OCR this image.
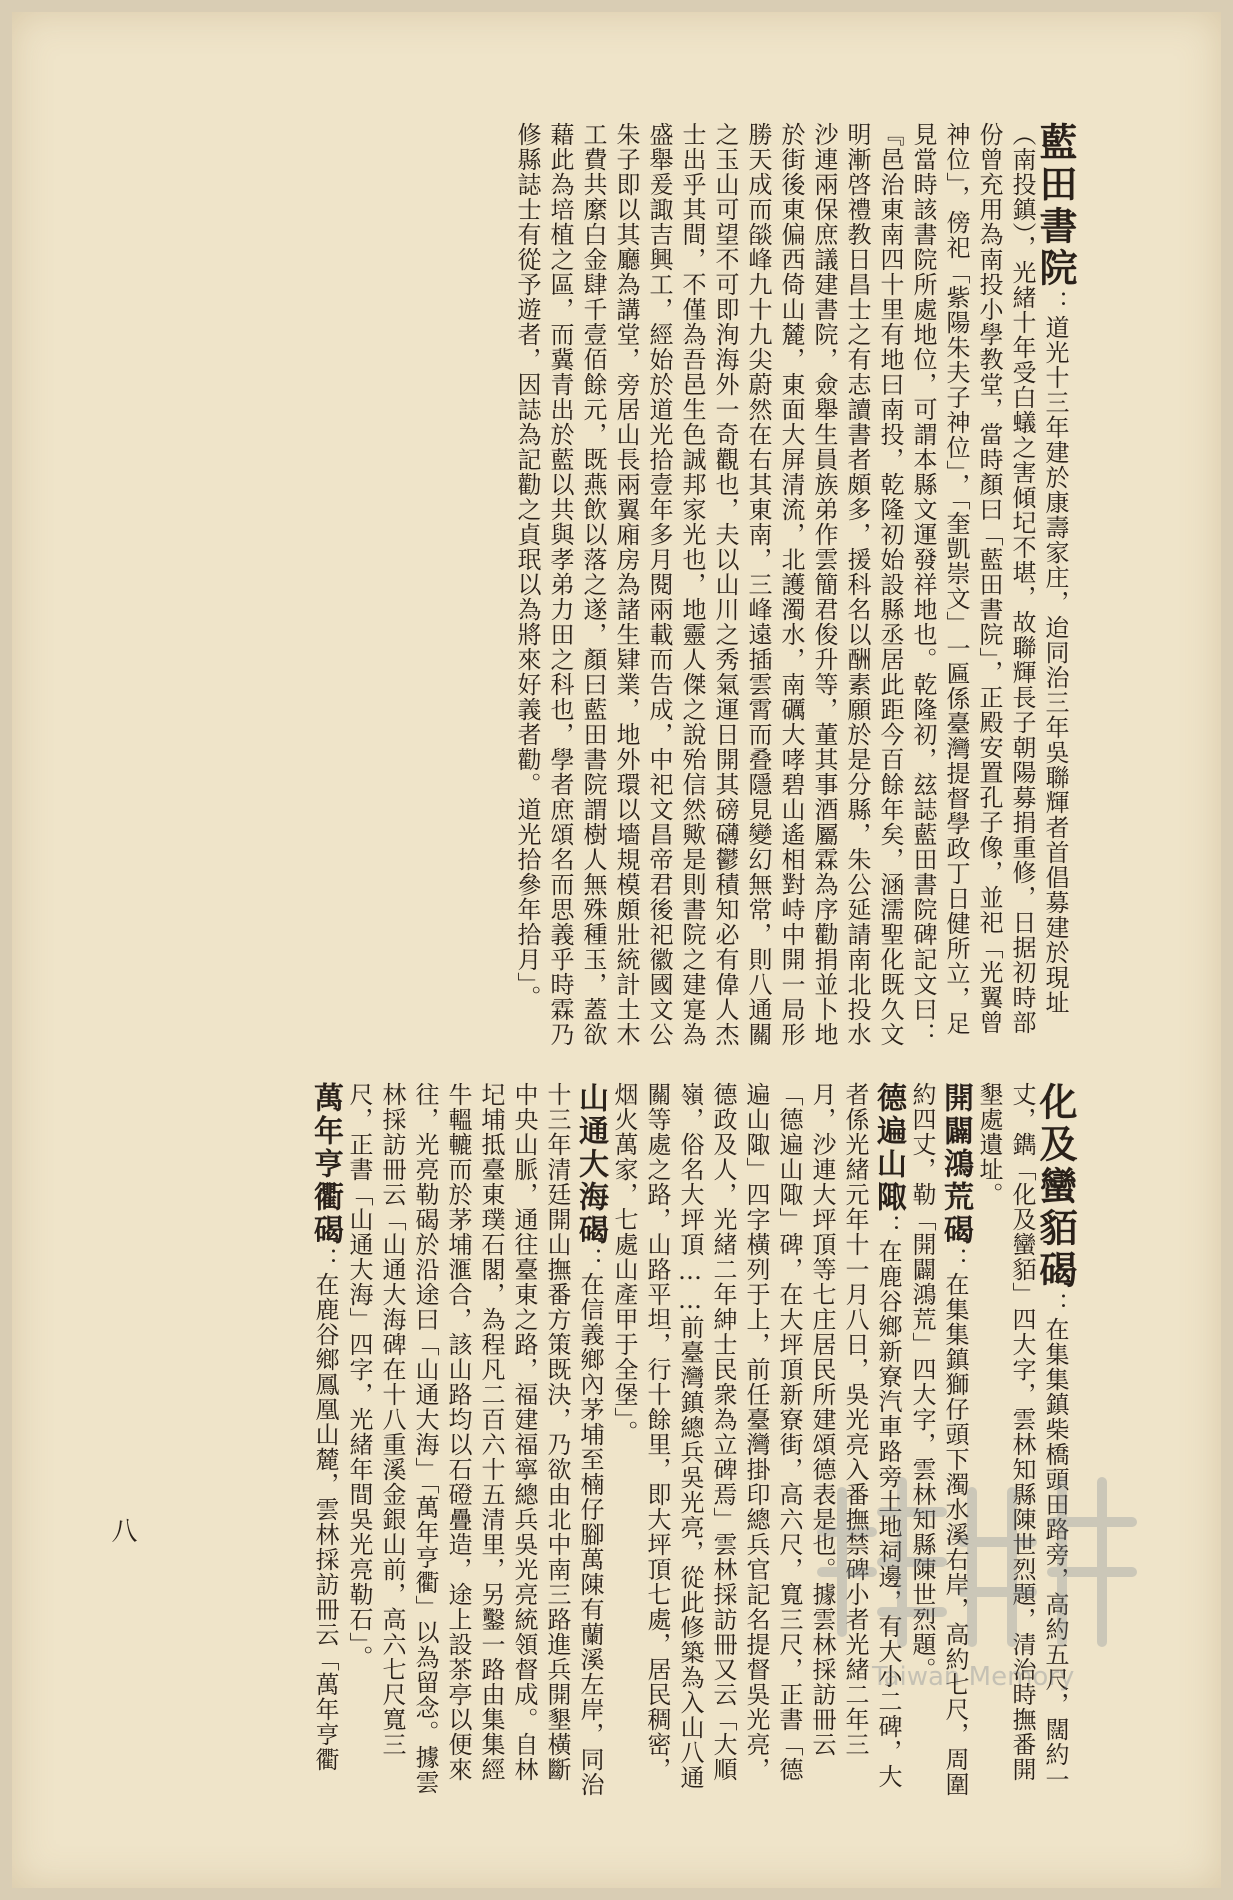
藍田書院：道光十三年建於康壽家庄，迨同治三年吳聯輝者首倡募建於現址（南投鎮），光緒十年受白蟻之害傾圮不堪，故聯輝長子朝陽募捐重修，日据初時部份曾充用為南投小學教堂，當時顏曰「藍田書院」，正殿安置孔子像，並祀「光翼曾神位」，傍祀「紫陽朱夫子神位」，「奎凱崇文」一匾係臺灣提督學政丁日健所立，足見當時該書院所處地位，可謂本縣文運發祥地也。乾隆初，玆誌藍田書院碑記文曰：『邑治東南四十里有地曰南投，乾隆初始設縣丞居此距今百餘年矣，涵濡聖化既久文明漸啓禮教日昌士之有志讀書者頗多，援科名以酬素願於是分縣，朱公延請南北投水沙連兩保庶議建書院，僉舉生員族弟作雲簡君俊升等，董其事酒屬霖為序勸捐並卜地於街後東偏西倚山麓，東面大屏清流，北護濁水，南礪大哮碧山遙相對峙中開一局形勝天成而燄峰九十九尖蔚然在右其東南，三峰遠插雲霄而叠隱見變幻無常，則八通關之玉山可望不可即洵海外一奇觀也，夫以山川之秀氣運日開其磅礴鬱積知必有偉人杰士出乎其間，不僅為吾邑生色誠邦家光也，地靈人傑之說殆信然歟是則書院之建寔為盛舉爰諏吉興工，經始於道光拾壹年多月閱兩載而告成，中祀文昌帝君後祀徽國文公朱子即以其廳為講堂，旁居山長兩翼廂房為諸生肄業，地外環以墻規模頗壯統計土木工費共縻白金肆千壹佰餘元，既燕飲以落之遂，顏曰藍田書院謂樹人無殊種玉，蓋欲藉此為培植之區，而冀青出於藍以共與孝弟力田之科也，學者庶頌名而思義乎時霖乃修縣誌士有從予遊者，因誌為記勸之貞珉以為將來好義者勸。道光拾參年拾月」。
化及蠻貊碣：在集集鎮柴橋頭田路旁，高約五尺，闊約一丈，鐫「化及蠻貊」四大字，雲林知縣陳世烈題，清治時撫番開墾處遺址。
開闢鴻荒碣：在集集鎮獅仔頭下濁水溪右岸，高約七尺，周圍約四丈，勒「開闢鴻荒」四大字，雲林知縣陳世烈題。
德遍山陬：在鹿谷鄉新寮汽車路旁土地祠邊，有大小二碑，大者係光緒元年十一月八日，吳光亮入番撫禁碑小者光緒二年三月，沙連大坪頂等七庄居民所建頌德表是也。據雲林採訪冊云「德遍山陬」碑，在大坪頂新寮街，高六尺，寬三尺，正書「德遍山陬」四字橫列于上，前任臺灣掛印總兵官記名提督吳光亮，德政及人，光緒二年紳士民衆為立碑焉」雲林採訪冊又云「大順嶺，俗名大坪頂……前臺灣鎮總兵吳光亮，從此修築為入山八通關等處之路，山路平坦，行十餘里，即大坪頂七處，居民稠密，烟火萬家，七處山產甲于全堡」。
山通大海碣：在信義鄉內茅埔至楠仔腳萬陳有蘭溪左岸，同治十三年清廷開山撫番方策既決，乃欲由北中南三路進兵開墾橫斷中央山脈，通往臺東之路，福建福寧總兵吳光亮統領督成。自林圮埔抵臺東璞石閣，為程凡二百六十五清里，另鑿一路由集集經牛轀轆而於茅埔滙合，該山路均以石磴疊造，途上設茶亭以便來往，光亮勒碣於沿途曰「山通大海」「萬年亨衢」以為留念。據雲林採訪冊云「山通大海碑在十八重溪金銀山前，高六七尺寬三尺，正書「山通大海」四字，光緒年間吳光亮勒石」。
萬年亨衢碣：在鹿谷鄉鳳凰山麓，雲林採訪冊云「萬年亨衢
八
Taiwan Memory
